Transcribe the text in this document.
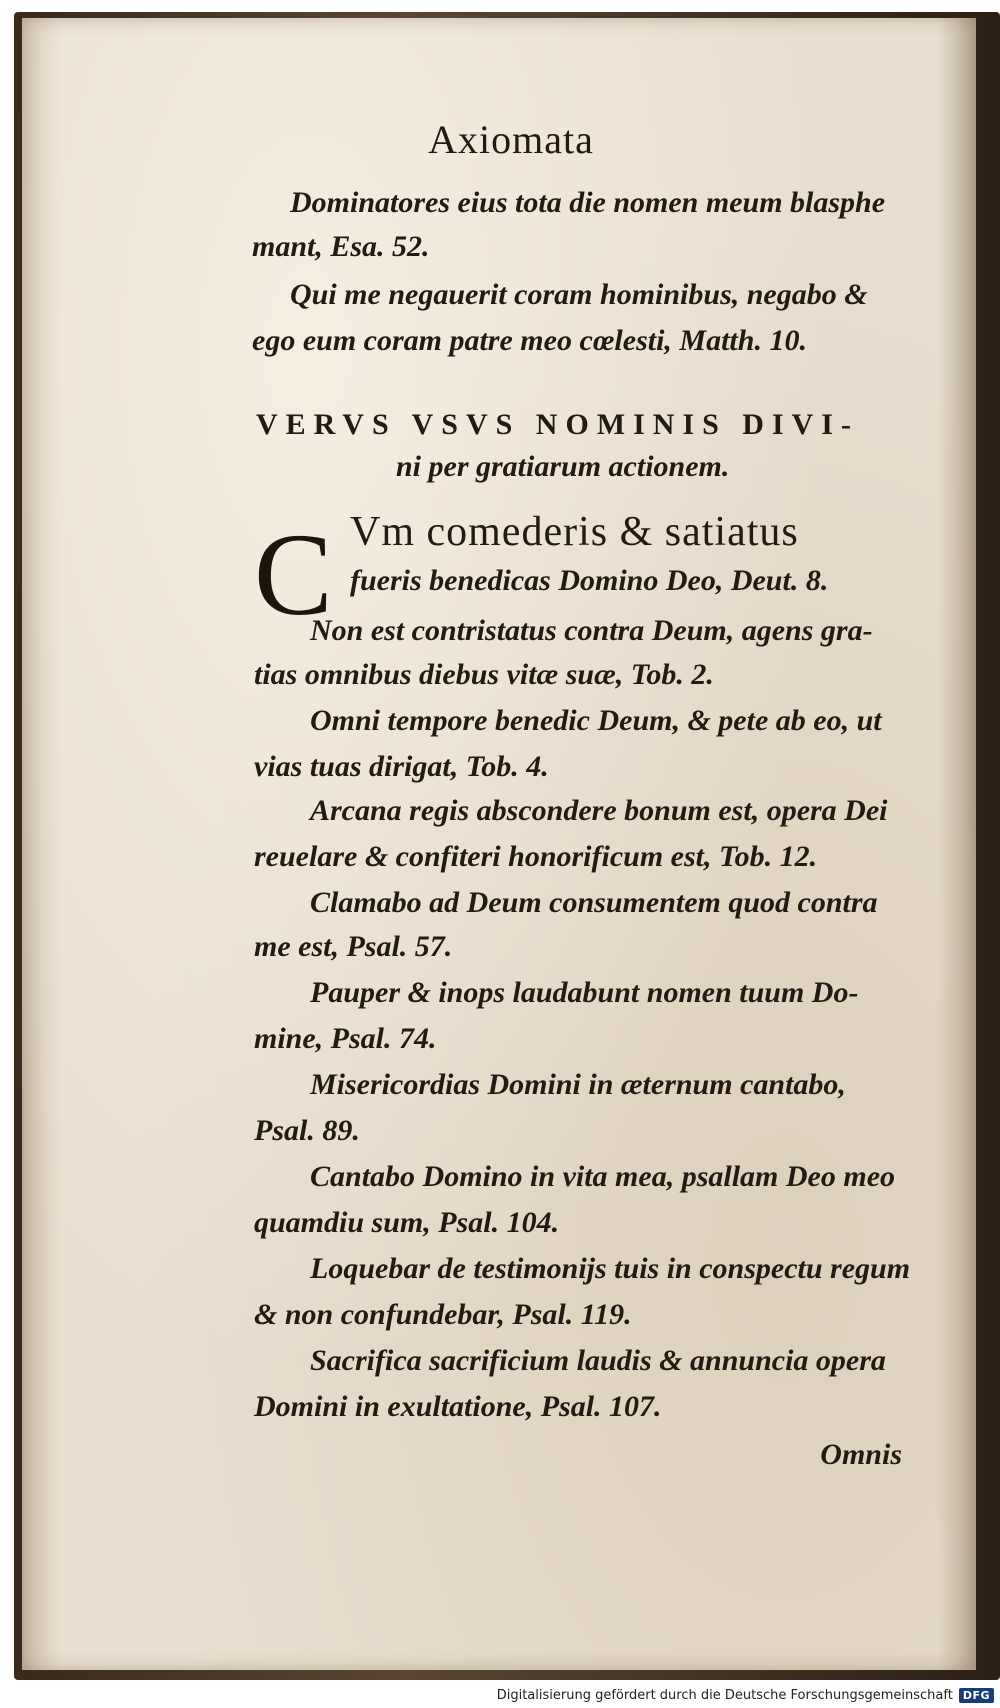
Axiomata
Dominatores eius tota die nomen meum blasphe
mant, Esa. 52.
Qui me negauerit coram hominibus, negabo &
ego eum coram patre meo cœlesti, Matth. 10.
VERVS VSVS NOMINIS DIVI-
ni per gratiarum actionem.
C Vm comederis & satiatus
fueris benedicas Domino Deo, Deut. 8.
Non est contristatus contra Deum, agens gra-
tias omnibus diebus vitæ suæ, Tob. 2.
Omni tempore benedic Deum, & pete ab eo, ut
vias tuas dirigat, Tob. 4.
Arcana regis abscondere bonum est, opera Dei
reuelare & confiteri honorificum est, Tob. 12.
Clamabo ad Deum consumentem quod contra
me est, Psal. 57.
Pauper & inops laudabunt nomen tuum Do-
mine, Psal. 74.
Misericordias Domini in æternum cantabo,
Psal. 89.
Cantabo Domino in vita mea, psallam Deo meo
quamdiu sum, Psal. 104.
Loquebar de testimonijs tuis in conspectu regum
& non confundebar, Psal. 119.
Sacrifica sacrificium laudis & annuncia opera
Domini in exultatione, Psal. 107.
Omnis
Digitalisierung gefördert durch die Deutsche Forschungsgemeinschaft DFG
